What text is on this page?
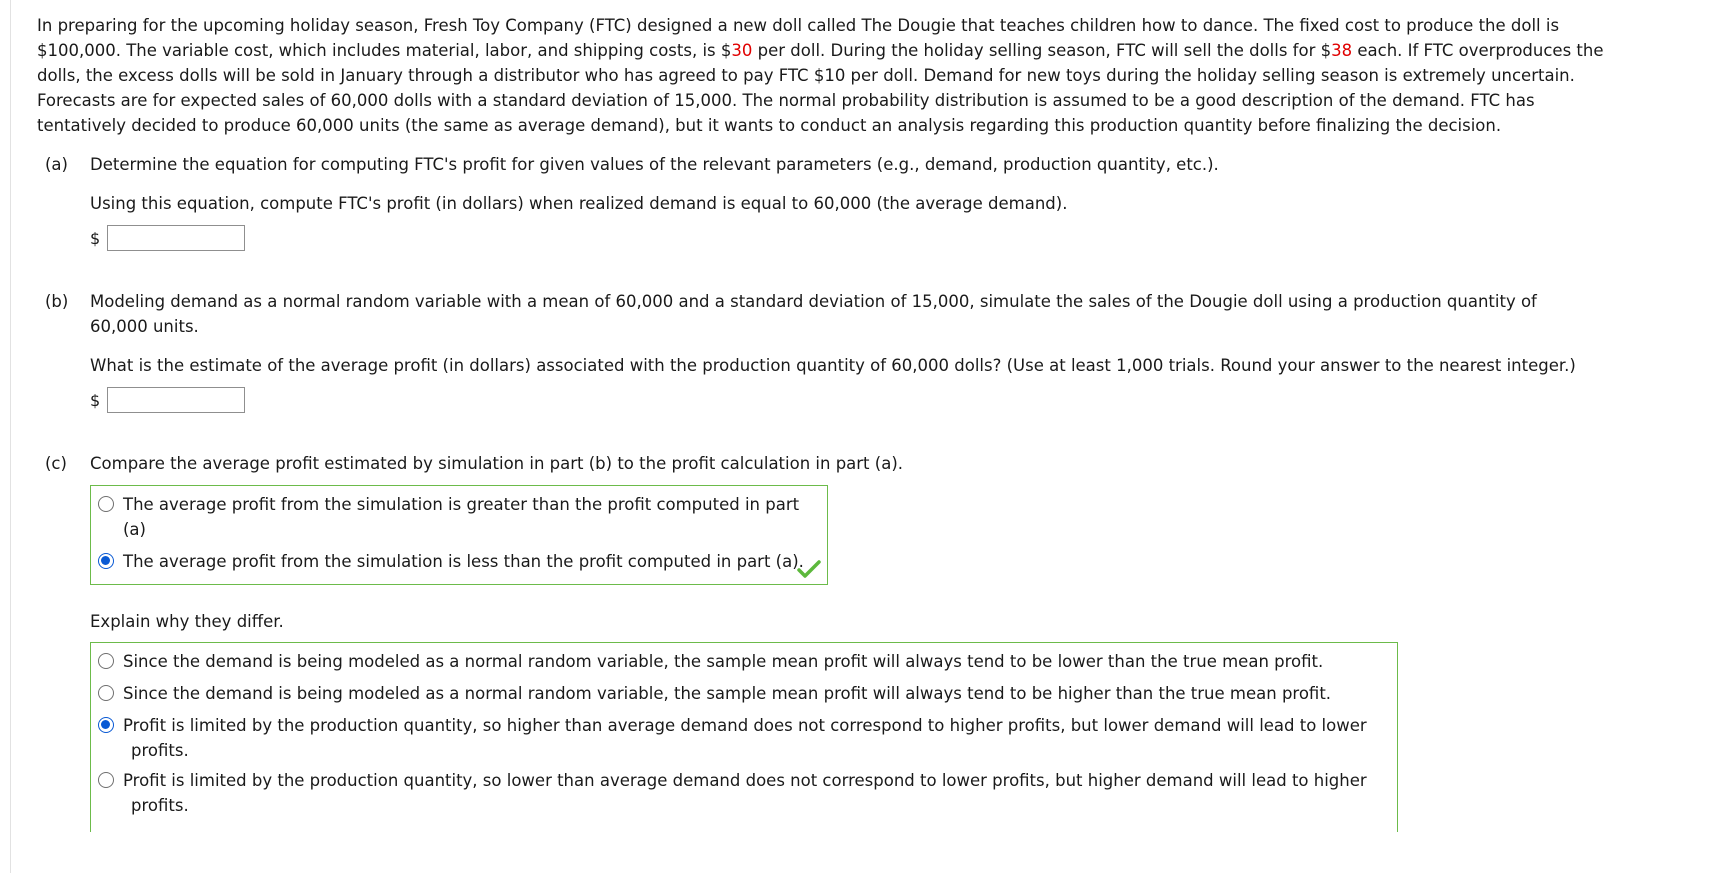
In preparing for the upcoming holiday season, Fresh Toy Company (FTC) designed a new doll called The Dougie that teaches children how to dance. The fixed cost to produce the doll is
$100,000. The variable cost, which includes material, labor, and shipping costs, is $30 per doll. During the holiday selling season, FTC will sell the dolls for $38 each. If FTC overproduces the
dolls, the excess dolls will be sold in January through a distributor who has agreed to pay FTC $10 per doll. Demand for new toys during the holiday selling season is extremely uncertain.
Forecasts are for expected sales of 60,000 dolls with a standard deviation of 15,000. The normal probability distribution is assumed to be a good description of the demand. FTC has
tentatively decided to produce 60,000 units (the same as average demand), but it wants to conduct an analysis regarding this production quantity before finalizing the decision.

(a) Determine the equation for computing FTC's profit for given values of the relevant parameters (e.g., demand, production quantity, etc.).

Using this equation, compute FTC's profit (in dollars) when realized demand is equal to 60,000 (the average demand).

$
(b) Modeling demand as a normal random variable with a mean of 60,000 and a standard deviation of 15,000, simulate the sales of the Dougie doll using a production quantity of

60,000 units.

What is the estimate of the average profit (in dollars) associated with the production quantity of 60,000 dolls? (Use at least 1,000 trials. Round your answer to the nearest integer.)

$
(c) Compare the average profit estimated by simulation in part (b) to the profit calculation in part (a).

The average profit from the simulation is greater than the profit computed in part (a)
The average profit from the simulation is less than the profit computed in part (a).

Explain why they differ.

Since the demand is being modeled as a normal random variable, the sample mean profit will always tend to be lower than the true mean profit.
Since the demand is being modeled as a normal random variable, the sample mean profit will always tend to be higher than the true mean profit.
Profit is limited by the production quantity, so higher than average demand does not correspond to higher profits, but lower demand will lead to lower
profits.
Profit is limited by the production quantity, so lower than average demand does not correspond to lower profits, but higher demand will lead to higher
profits.
